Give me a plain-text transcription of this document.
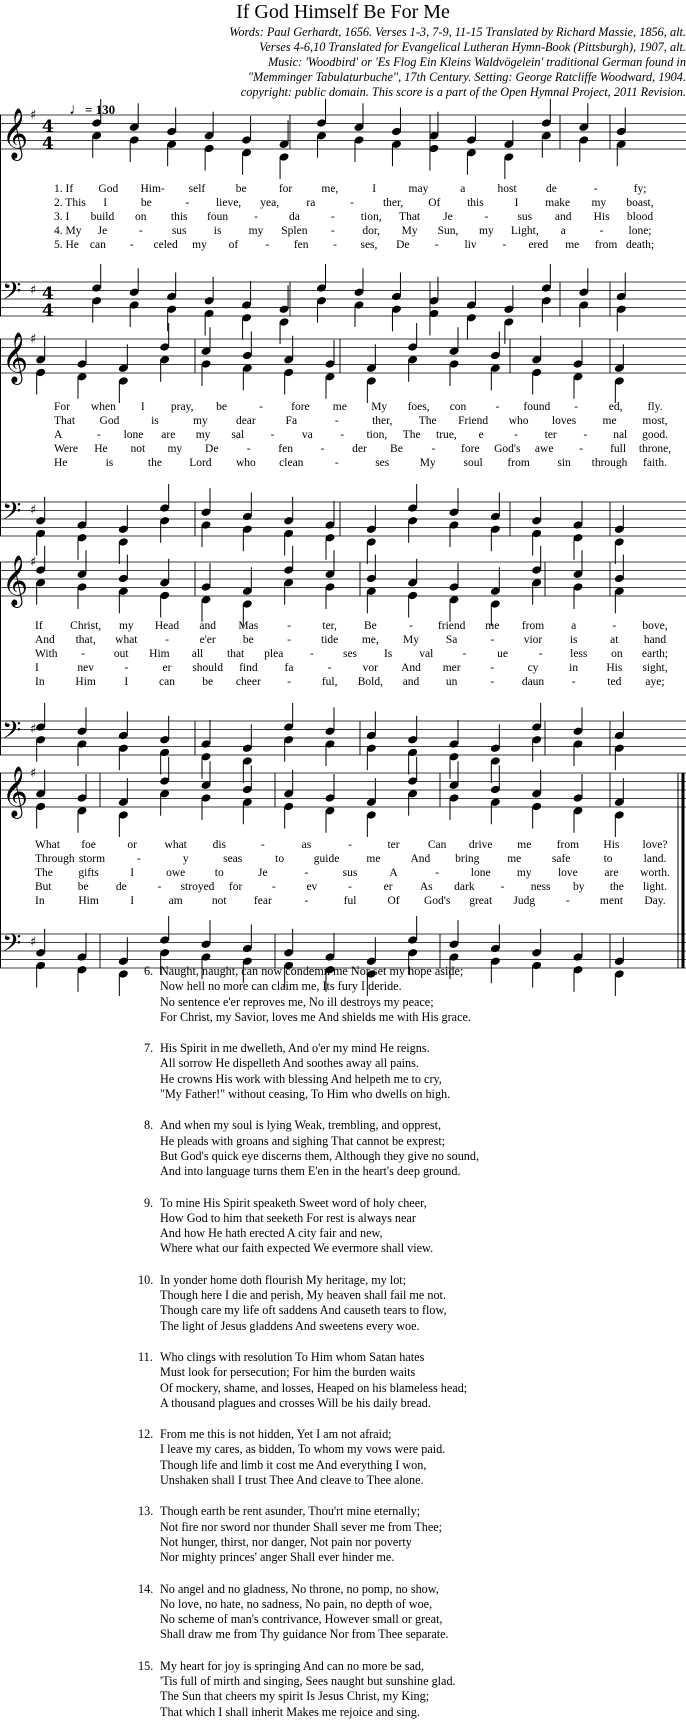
If God Himself Be For Me
Words: Paul Gerhardt, 1656. Verses 1-3, 7-9, 11-15 Translated by Richard Massie, 1856, alt.
Verses 4-6,10 Translated for Evangelical Lutheran Hymn-Book (Pittsburgh), 1907, alt.
Music: 'Woodbird' or 'Es Flog Ein Kleins Waldvögelein' traditional German found in
"Memminger Tabulaturbuche", 17th Century. Setting: George Ratcliffe Woodward, 1904.
copyright: public domain. This score is a part of the Open Hymnal Project, 2011 Revision.
♩= 130
𝄞 ♯
4
4
𝄢 ♯ 4
4
𝄞 ♯
𝄢 ♯
𝄞 ♯
𝄢 ♯
𝄞 ♯
𝄢 ♯
1. If God Him- self	be	for	me,	I	may	a	host	de	-	fy;
2. This I	be	- lieve, yea, ra	-	ther, Of this	I make my boast,
3. I build on this foun -	da	- tion, That Je	-	sus and His blood
4. My Je	-	sus is my Splen - dor, My Sun, my Light, a	- lone;
5. He can - celed my of - fen - ses, De - liv - ered me from death;
For when I pray, be	- fore me My foes, con	- found -	ed, fly.
That God	is	my dear	Fa	-	ther, The Friend who loves me most,
A	- lone are my sal - va - tion, The true, e	- ter - nal good.
Were He not my De - fen - der Be - fore God's awe - full throne,
He	is	the Lord who clean	-	ses	My soul from sin through faith.
If Christ, my Head and Mas	-	ter, Be	- friend me from a	- bove,
And that, what -	e'er be	-	tide me, My Sa	-	vior is	at hand
With -	out Him all that plea -	ses Is val	-	ue	- less on earth;
I	nev	-	er should find fa	-	vor And mer	-	cy	in His sight,
In	Him I	can be cheer -	ful, Bold, and un	- daun -	ted aye;
What foe	or what dis	-	as	-	ter Can drive me from His love?
Through storm	-	y	seas	to	guide me	And bring me	safe	to	land.
The gifts	I	owe	to	Je	-	sus	A	-	lone my love are worth.
But be de	- stroyed for	-	ev	-	er As dark - ness by the light.
In	Him	I	am	not fear	-	ful	Of God's great Judg	-	ment Day.
6. Naught, naught, can now condemn me Nor set my hope aside;
Now hell no more can claim me, Its fury I deride.
No sentence e'er reproves me, No ill destroys my peace;
For Christ, my Savior, loves me And shields me with His grace.
7. His Spirit in me dwelleth, And o'er my mind He reigns.
All sorrow He dispelleth And soothes away all pains.
He crowns His work with blessing And helpeth me to cry,
"My Father!" without ceasing, To Him who dwells on high.
8. And when my soul is lying Weak, trembling, and opprest,
He pleads with groans and sighing That cannot be exprest;
But God's quick eye discerns them, Although they give no sound,
And into language turns them E'en in the heart's deep ground.
9. To mine His Spirit speaketh Sweet word of holy cheer,
How God to him that seeketh For rest is always near
And how He hath erected A city fair and new,
Where what our faith expected We evermore shall view.
10. In yonder home doth flourish My heritage, my lot;
Though here I die and perish, My heaven shall fail me not.
Though care my life oft saddens And causeth tears to flow,
The light of Jesus gladdens And sweetens every woe.
11. Who clings with resolution To Him whom Satan hates
Must look for persecution; For him the burden waits
Of mockery, shame, and losses, Heaped on his blameless head;
A thousand plagues and crosses Will be his daily bread.
12. From me this is not hidden, Yet I am not afraid;
I leave my cares, as bidden, To whom my vows were paid.
Though life and limb it cost me And everything I won,
Unshaken shall I trust Thee And cleave to Thee alone.
13. Though earth be rent asunder, Thou'rt mine eternally;
Not fire nor sword nor thunder Shall sever me from Thee;
Not hunger, thirst, nor danger, Not pain nor poverty
Nor mighty princes' anger Shall ever hinder me.
14. No angel and no gladness, No throne, no pomp, no show,
No love, no hate, no sadness, No pain, no depth of woe,
No scheme of man's contrivance, However small or great,
Shall draw me from Thy guidance Nor from Thee separate.
15. My heart for joy is springing And can no more be sad,
'Tis full of mirth and singing, Sees naught but sunshine glad.
The Sun that cheers my spirit Is Jesus Christ, my King;
That which I shall inherit Makes me rejoice and sing.
